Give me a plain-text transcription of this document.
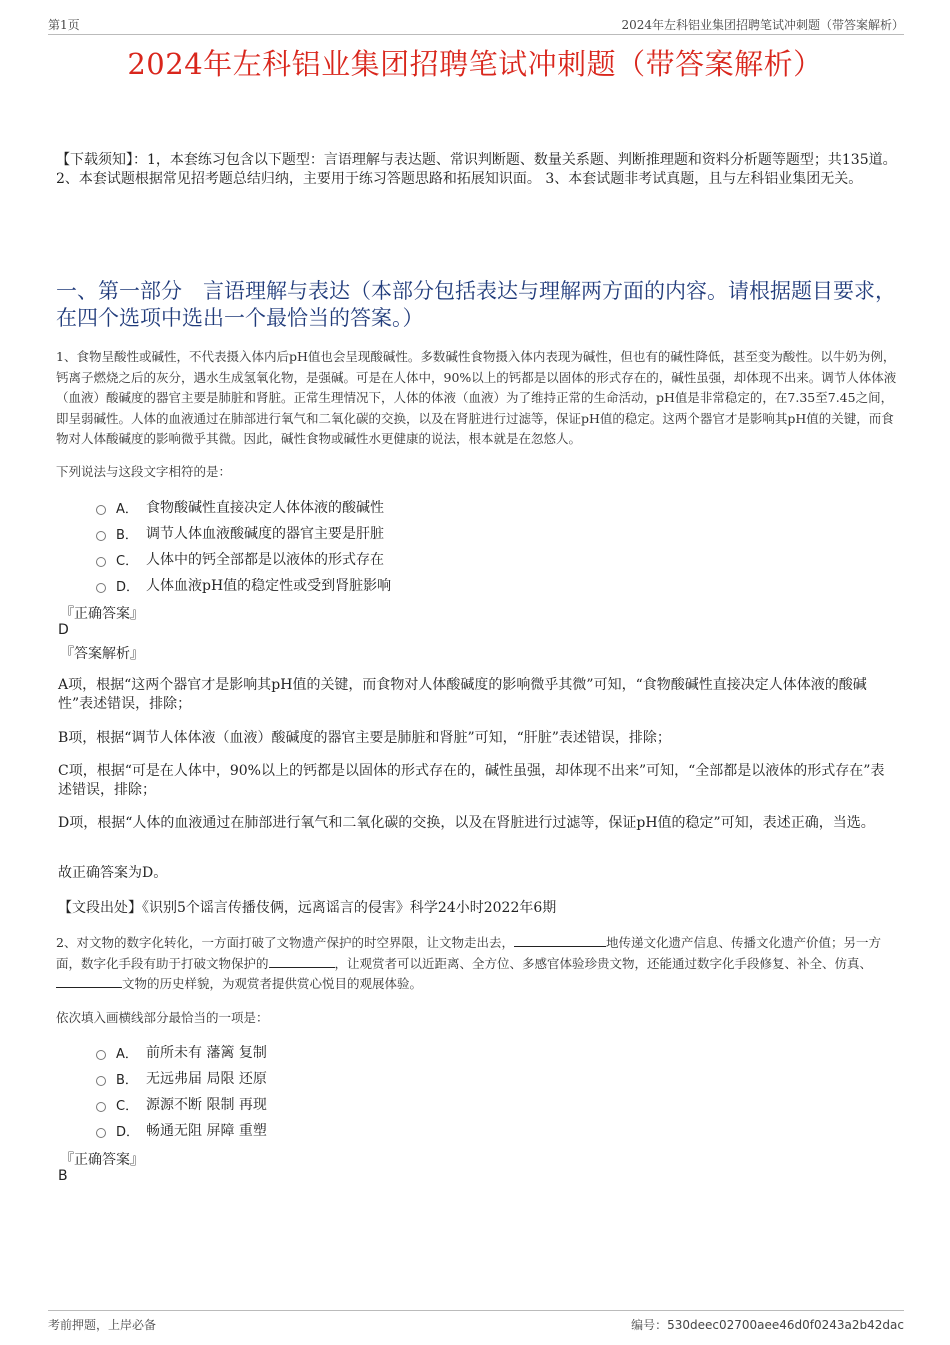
第1页	2024年左科铝业集团招聘笔试冲刺题（带答案解析）
2024年左科铝业集团招聘笔试冲刺题（带答案解析）
【下载须知】：1，本套练习包含以下题型：言语理解与表达题、常识判断题、数量关系题、判断推理题和资料分析题等题型；共135道。 2、本套试题根据常见招考题总结归纳，主要用于练习答题思路和拓展知识面。 3、本套试题非考试真题，且与左科铝业集团无关。
一、第一部分　言语理解与表达（本部分包括表达与理解两方面的内容。请根据题目要求，在四个选项中选出一个最恰当的答案。）
1、食物呈酸性或碱性，不代表摄入体内后pH值也会呈现酸碱性。多数碱性食物摄入体内表现为碱性，但也有的碱性降低，甚至变为酸性。以牛奶为例，钙离子燃烧之后的灰分，遇水生成氢氧化物，是强碱。可是在人体中，90%以上的钙都是以固体的形式存在的，碱性虽强，却体现不出来。调节人体体液（血液）酸碱度的器官主要是肺脏和肾脏。正常生理情况下，人体的体液（血液）为了维持正常的生命活动，pH值是非常稳定的，在7.35至7.45之间，即呈弱碱性。人体的血液通过在肺部进行氧气和二氧化碳的交换，以及在肾脏进行过滤等，保证pH值的稳定。这两个器官才是影响其pH值的关键，而食物对人体酸碱度的影响微乎其微。因此，碱性食物或碱性水更健康的说法，根本就是在忽悠人。
下列说法与这段文字相符的是：
A． 食物酸碱性直接决定人体体液的酸碱性
B． 调节人体血液酸碱度的器官主要是肝脏
C． 人体中的钙全部都是以液体的形式存在
D． 人体血液pH值的稳定性或受到肾脏影响
『正确答案』
D
『答案解析』
A项，根据“这两个器官才是影响其pH值的关键，而食物对人体酸碱度的影响微乎其微”可知，“食物酸碱性直接决定人体体液的酸碱性”表述错误，排除；
B项，根据“调节人体体液（血液）酸碱度的器官主要是肺脏和肾脏”可知，“肝脏”表述错误，排除；
C项，根据“可是在人体中，90%以上的钙都是以固体的形式存在的，碱性虽强，却体现不出来”可知，“全部都是以液体的形式存在”表述错误，排除；
D项，根据“人体的血液通过在肺部进行氧气和二氧化碳的交换，以及在肾脏进行过滤等，保证pH值的稳定”可知，表述正确，当选。
故正确答案为D。
【文段出处】《识别5个谣言传播伎俩，远离谣言的侵害》科学24小时2022年6期
2、对文物的数字化转化，一方面打破了文物遗产保护的时空界限，让文物走出去，	地传递文化遗产信息、传播文化遗产价值；另一方面，数字化手段有助于打破文物保护的	，让观赏者可以近距离、全方位、多感官体验珍贵文物，还能通过数字化手段修复、补全、仿真、文物的历史样貌，为观赏者提供赏心悦目的观展体验。
依次填入画横线部分最恰当的一项是：
A． 前所未有 藩篱 复制
B． 无远弗届 局限 还原
C． 源源不断 限制 再现
D． 畅通无阻 屏障 重塑
『正确答案』
B
考前押题，上岸必备	编号：530deec02700aee46d0f0243a2b42dac
